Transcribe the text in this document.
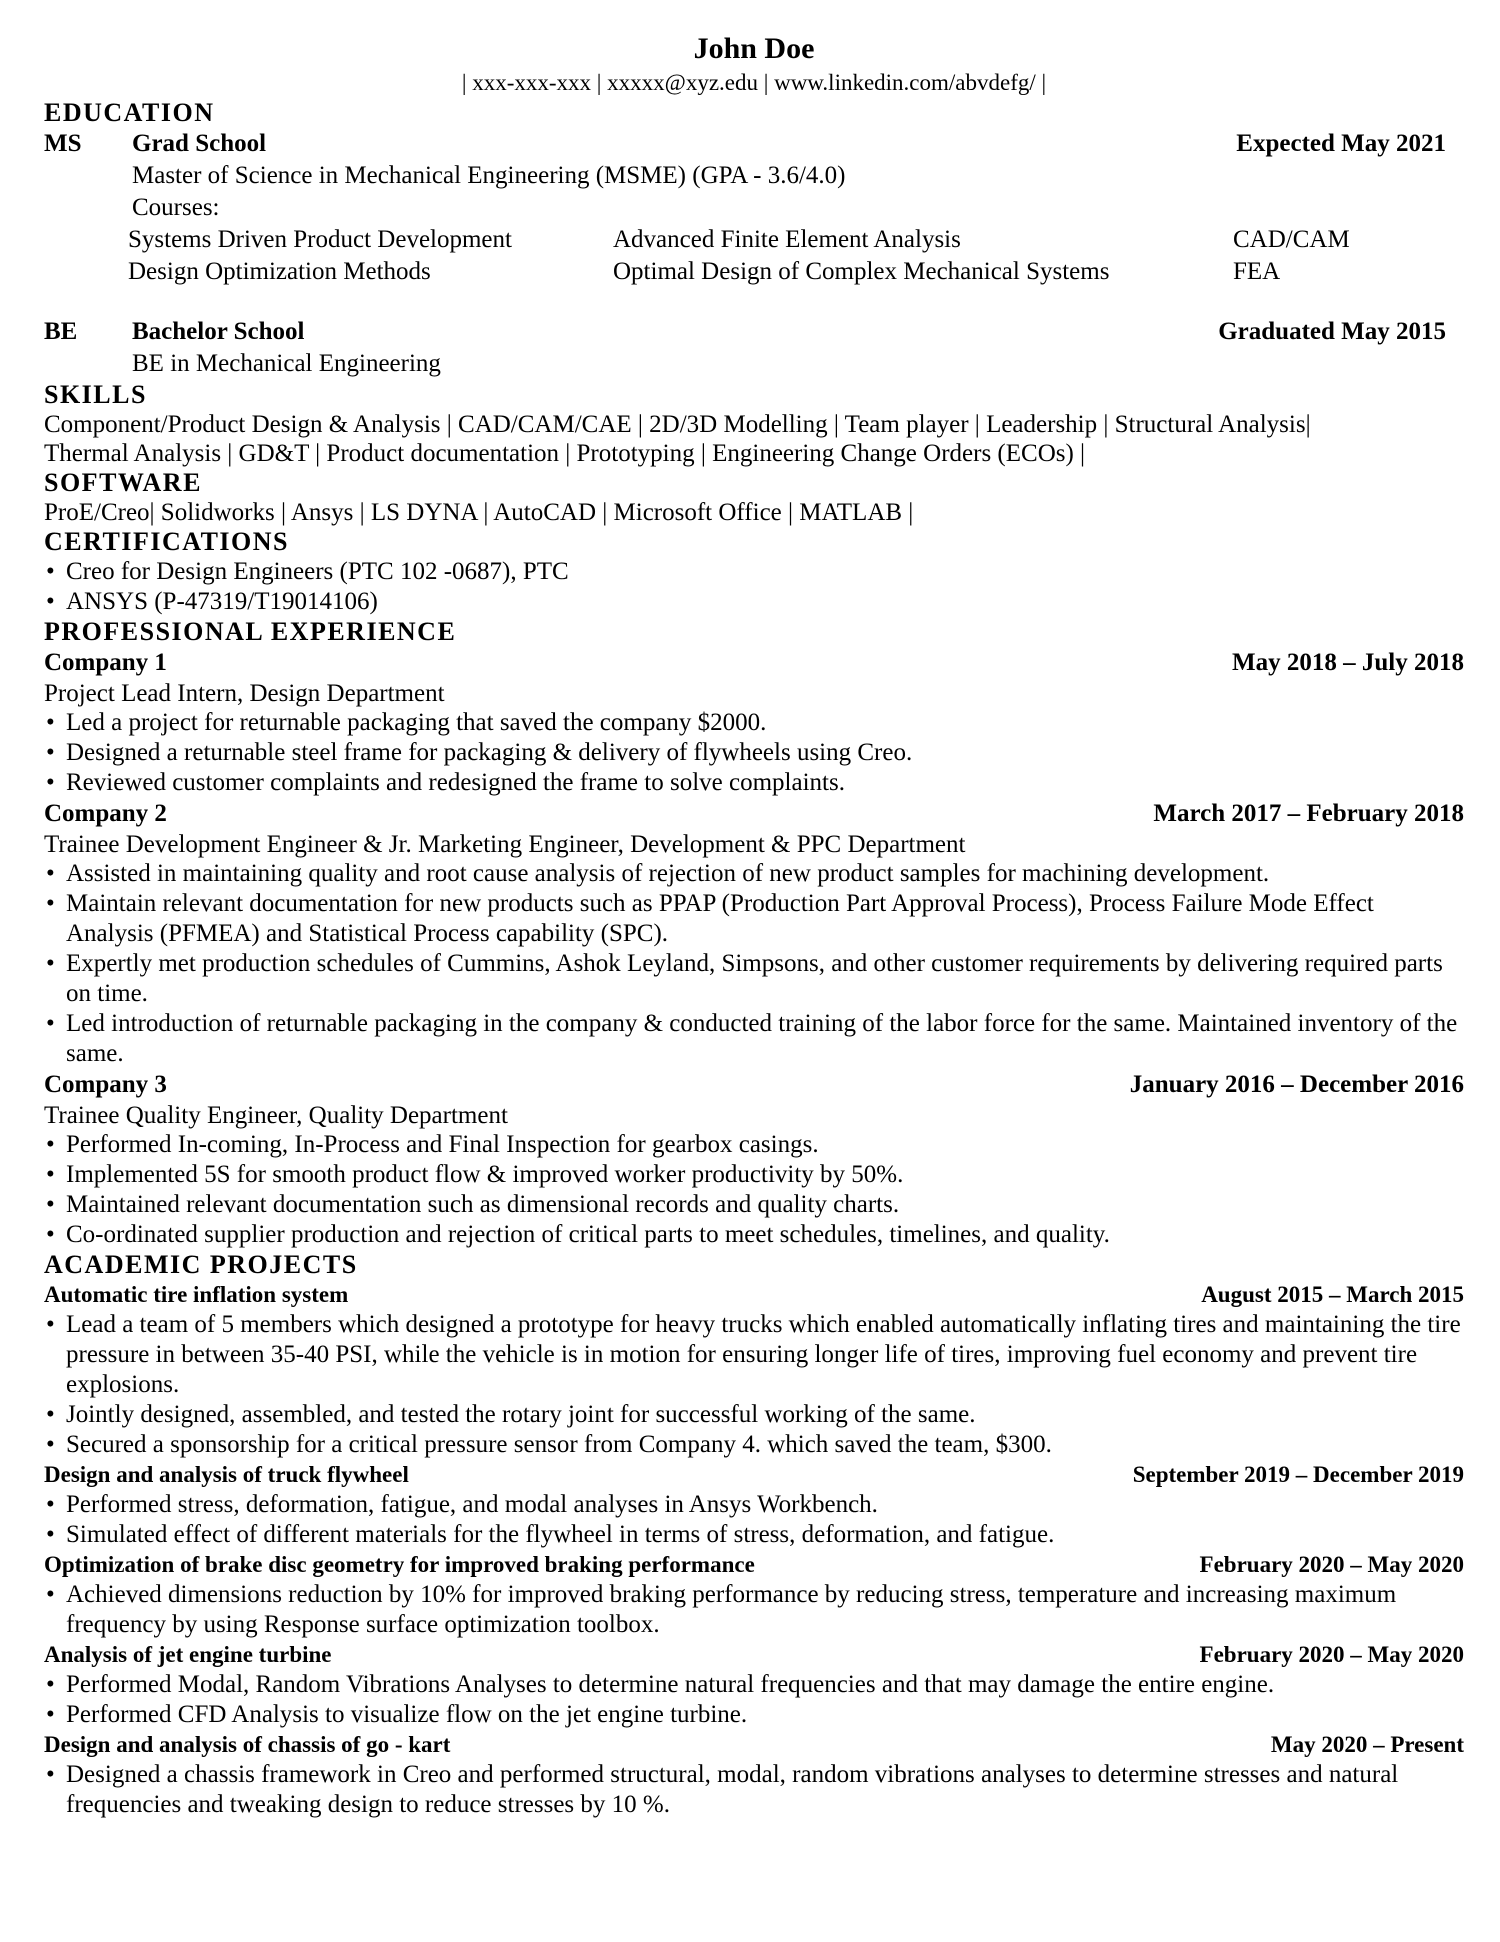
John Doe
| xxx-xxx-xxx | xxxxx@xyz.edu | www.linkedin.com/abvdefg/ |
EDUCATION
MS	Grad School	Expected May 2021
Master of Science in Mechanical Engineering (MSME) (GPA - 3.6/4.0)
Courses:
Systems Driven Product Development	Advanced Finite Element Analysis	CAD/CAM
Design Optimization Methods	Optimal Design of Complex Mechanical Systems	FEA
BE	Bachelor School	Graduated May 2015
BE in Mechanical Engineering
SKILLS
Component/Product Design & Analysis | CAD/CAM/CAE | 2D/3D Modelling | Team player | Leadership | Structural Analysis|
Thermal Analysis | GD&T | Product documentation | Prototyping | Engineering Change Orders (ECOs) |
SOFTWARE
ProE/Creo| Solidworks | Ansys | LS DYNA | AutoCAD | Microsoft Office | MATLAB |
CERTIFICATIONS
• Creo for Design Engineers (PTC 102 -0687), PTC
• ANSYS (P-47319/T19014106)
PROFESSIONAL EXPERIENCE
Company 1	May 2018 – July 2018
Project Lead Intern, Design Department
• Led a project for returnable packaging that saved the company $2000.
• Designed a returnable steel frame for packaging & delivery of flywheels using Creo.
• Reviewed customer complaints and redesigned the frame to solve complaints.
Company 2	March 2017 – February 2018
Trainee Development Engineer & Jr. Marketing Engineer, Development & PPC Department
• Assisted in maintaining quality and root cause analysis of rejection of new product samples for machining development.
• Maintain relevant documentation for new products such as PPAP (Production Part Approval Process), Process Failure Mode Effect Analysis (PFMEA) and Statistical Process capability (SPC).
• Expertly met production schedules of Cummins, Ashok Leyland, Simpsons, and other customer requirements by delivering required parts on time.
• Led introduction of returnable packaging in the company & conducted training of the labor force for the same. Maintained inventory of the same.
Company 3	January 2016 – December 2016
Trainee Quality Engineer, Quality Department
• Performed In-coming, In-Process and Final Inspection for gearbox casings.
• Implemented 5S for smooth product flow & improved worker productivity by 50%.
• Maintained relevant documentation such as dimensional records and quality charts.
• Co-ordinated supplier production and rejection of critical parts to meet schedules, timelines, and quality.
ACADEMIC PROJECTS
Automatic tire inflation system	August 2015 – March 2015
• Lead a team of 5 members which designed a prototype for heavy trucks which enabled automatically inflating tires and maintaining the tire pressure in between 35-40 PSI, while the vehicle is in motion for ensuring longer life of tires, improving fuel economy and prevent tire explosions.
• Jointly designed, assembled, and tested the rotary joint for successful working of the same.
• Secured a sponsorship for a critical pressure sensor from Company 4. which saved the team, $300.
Design and analysis of truck flywheel	September 2019 – December 2019
• Performed stress, deformation, fatigue, and modal analyses in Ansys Workbench.
• Simulated effect of different materials for the flywheel in terms of stress, deformation, and fatigue.
Optimization of brake disc geometry for improved braking performance	February 2020 – May 2020
• Achieved dimensions reduction by 10% for improved braking performance by reducing stress, temperature and increasing maximum frequency by using Response surface optimization toolbox.
Analysis of jet engine turbine	February 2020 – May 2020
• Performed Modal, Random Vibrations Analyses to determine natural frequencies and that may damage the entire engine.
• Performed CFD Analysis to visualize flow on the jet engine turbine.
Design and analysis of chassis of go - kart	May 2020 – Present
• Designed a chassis framework in Creo and performed structural, modal, random vibrations analyses to determine stresses and natural frequencies and tweaking design to reduce stresses by 10 %.
